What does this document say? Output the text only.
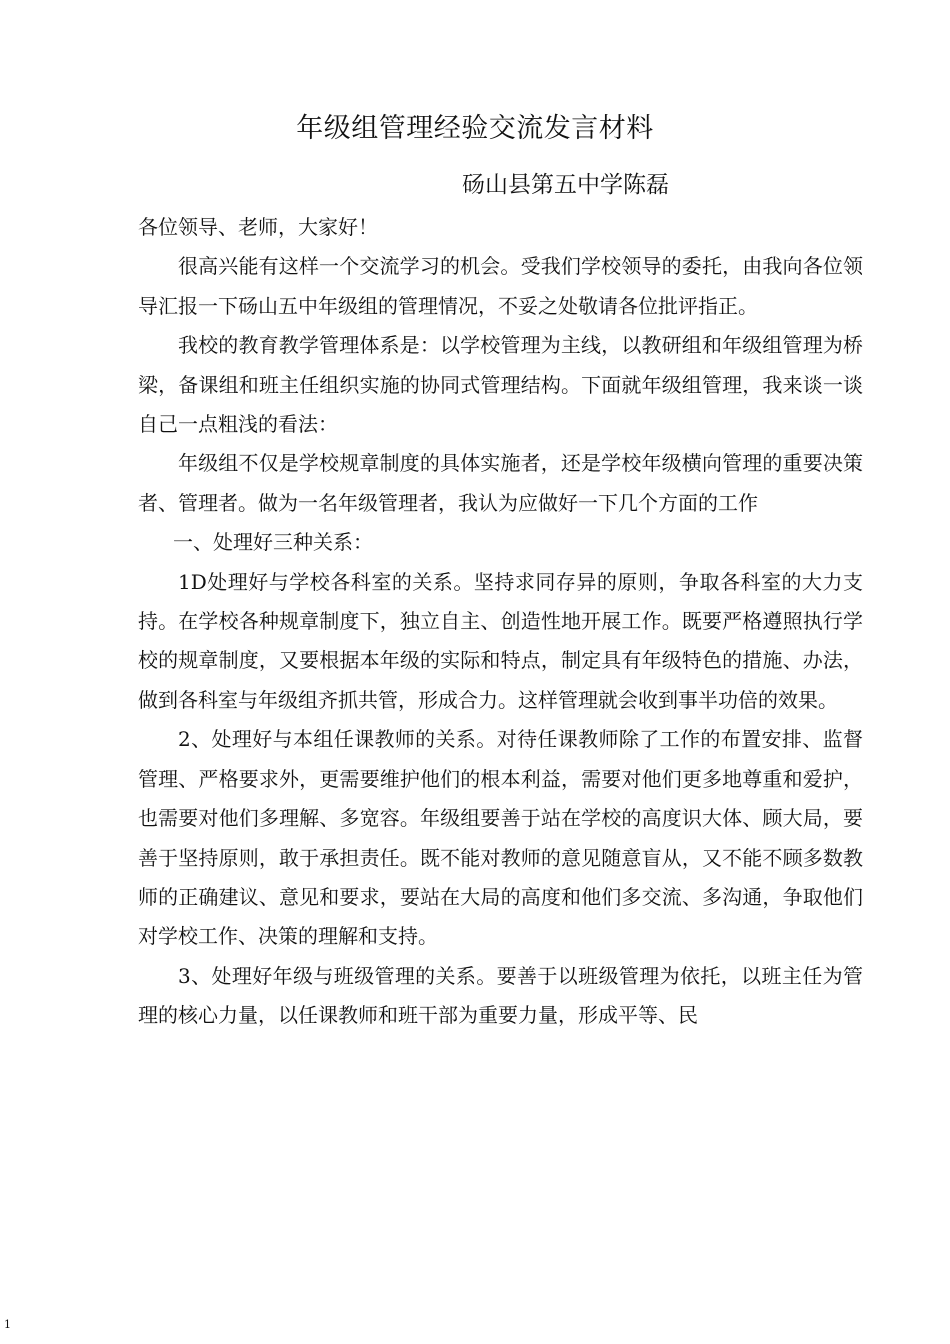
年级组管理经验交流发言材料
砀山县第五中学陈磊

各位领导、老师，大家好！

很高兴能有这样一个交流学习的机会。受我们学校领导的委托，由我向各位领导汇报一下砀山五中年级组的管理情况，不妥之处敬请各位批评指正。

我校的教育教学管理体系是：以学校管理为主线，以教研组和年级组管理为桥梁，备课组和班主任组织实施的协同式管理结构。下面就年级组管理，我来谈一谈自己一点粗浅的看法：

年级组不仅是学校规章制度的具体实施者，还是学校年级横向管理的重要决策者、管理者。做为一名年级管理者，我认为应做好一下几个方面的工作

一、处理好三种关系：

1D处理好与学校各科室的关系。坚持求同存异的原则，争取各科室的大力支持。在学校各种规章制度下，独立自主、创造性地开展工作。既要严格遵照执行学校的规章制度，又要根据本年级的实际和特点，制定具有年级特色的措施、办法，做到各科室与年级组齐抓共管，形成合力。这样管理就会收到事半功倍的效果。

2、处理好与本组任课教师的关系。对待任课教师除了工作的布置安排、监督管理、严格要求外，更需要维护他们的根本利益，需要对他们更多地尊重和爱护，也需要对他们多理解、多宽容。年级组要善于站在学校的高度识大体、顾大局，要善于坚持原则，敢于承担责任。既不能对教师的意见随意盲从，又不能不顾多数教师的正确建议、意见和要求，要站在大局的高度和他们多交流、多沟通，争取他们对学校工作、决策的理解和支持。

3、处理好年级与班级管理的关系。要善于以班级管理为依托，以班主任为管理的核心力量，以任课教师和班干部为重要力量，形成平等、民

1
